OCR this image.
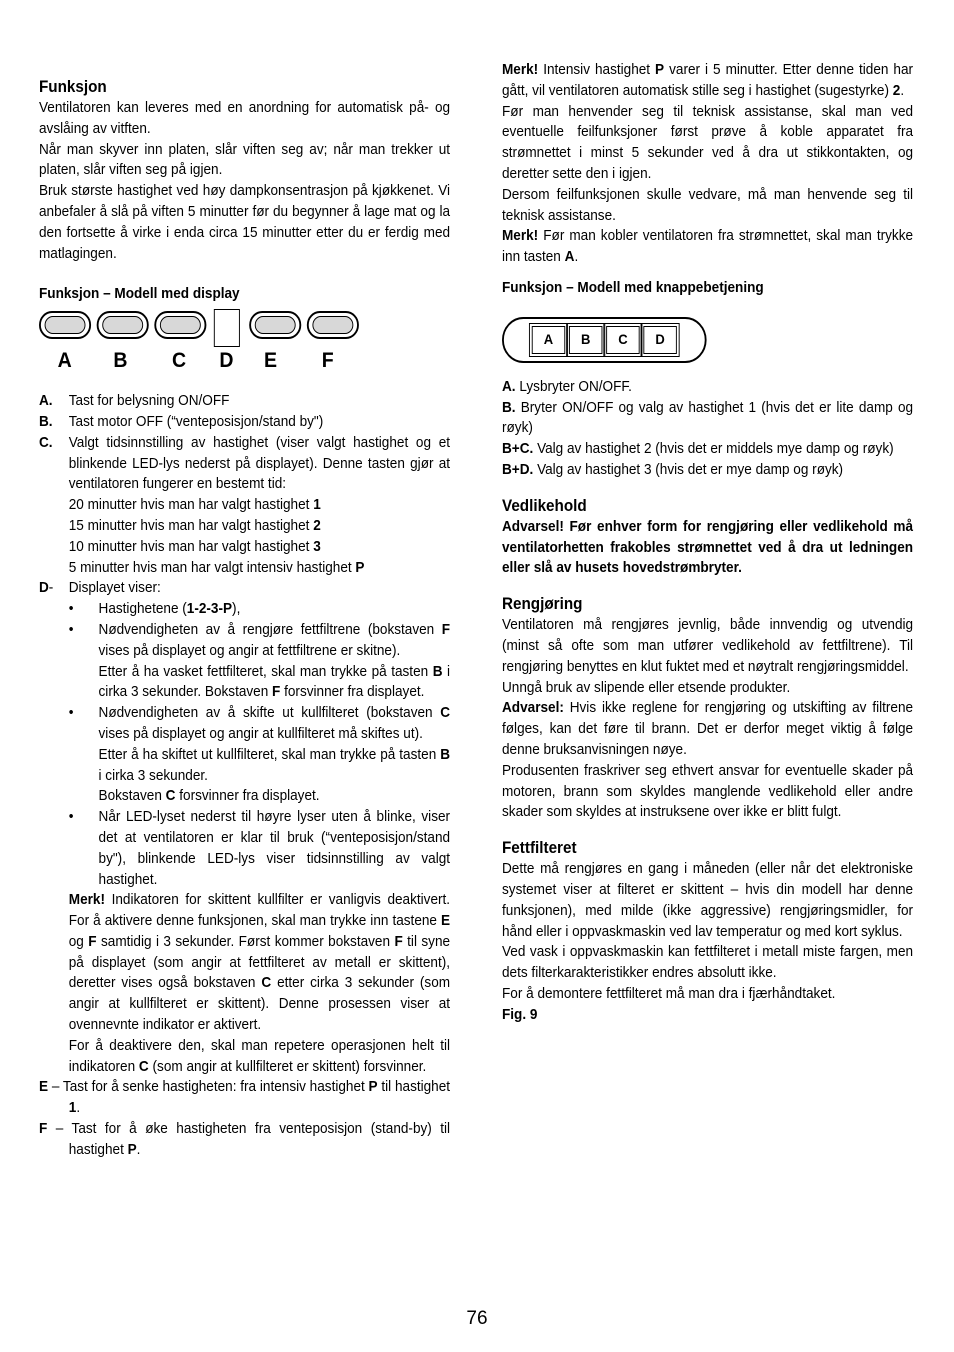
Funksjon

Ventilatoren kan leveres med en anordning for automatisk på- og avslåing av vitften.

Når man skyver inn platen, slår viften seg av; når man trekker ut platen, slår viften seg på igjen.

Bruk største hastighet ved høy dampkonsentrasjon på kjøkkenet. Vi anbefaler å slå på viften 5 minutter før du begynner å lage mat og la den fortsette å virke i enda circa 15 minutter etter du er ferdig med matlagingen.

Funksjon – Modell med display

A B C D E F
A.	Tast for belysning ON/OFF
B.	Tast motor OFF (“venteposisjon/stand by")
C.	Valgt tidsinnstilling av hastighet (viser valgt hastighet og et blinkende LED-lys nederst på displayet). Denne tasten gjør at ventilatoren fungerer en bestemt tid:

20 minutter hvis man har valgt hastighet 1

15 minutter hvis man har valgt hastighet 2

10 minutter hvis man har valgt hastighet 3

5 minutter hvis man har valgt intensiv hastighet P

D-	Displayet viser:
•	Hastighetene (1-2-3-P),
•	Nødvendigheten av å rengjøre fettfiltrene (bokstaven F vises på displayet og angir at fettfiltrene er skitne).

Etter å ha vasket fettfilteret, skal man trykke på tasten B i cirka 3 sekunder. Bokstaven F forsvinner fra displayet.

•	Nødvendigheten av å skifte ut kullfilteret (bokstaven C vises på displayet og angir at kullfilteret må skiftes ut).

Etter å ha skiftet ut kullfilteret, skal man trykke på tasten B i cirka 3 sekunder.

Bokstaven C forsvinner fra displayet.

•	Når LED-lyset nederst til høyre lyser uten å blinke, viser det at ventilatoren er klar til bruk (“venteposisjon/stand by"), blinkende LED-lys viser tidsinnstilling av valgt hastighet.

Merk! Indikatoren for skittent kullfilter er vanligvis deaktivert. For å aktivere denne funksjonen, skal man trykke inn tastene E og F samtidig i 3 sekunder. Først kommer bokstaven F til syne på displayet (som angir at fettfilteret av metall er skittent), deretter vises også bokstaven C etter cirka 3 sekunder (som angir at kullfilteret er skittent). Denne prosessen viser at ovennevnte indikator er aktivert.

For å deaktivere den, skal man repetere operasjonen helt til indikatoren C (som angir at kullfilteret er skittent) forsvinner.

E – Tast for å senke hastigheten: fra intensiv hastighet P til hastighet 1.

F – Tast for å øke hastigheten fra venteposisjon (stand-by) til hastighet P.

Merk! Intensiv hastighet P varer i 5 minutter. Etter denne tiden har gått, vil ventilatoren automatisk stille seg i hastighet (sugestyrke) 2.

Før man henvender seg til teknisk assistanse, skal man ved eventuelle feilfunksjoner først prøve å koble apparatet fra strømnettet i minst 5 sekunder ved å dra ut stikkontakten, og deretter sette den i igjen.

Dersom feilfunksjonen skulle vedvare, må man henvende seg til teknisk assistanse.

Merk! Før man kobler ventilatoren fra strømnettet, skal man trykke inn tasten A.

Funksjon – Modell med knappebetjening

A	B	C	D

A. Lysbryter ON/OFF.

B. Bryter ON/OFF og valg av hastighet 1 (hvis det er lite damp og røyk)

B+C. Valg av hastighet 2 (hvis det er middels mye damp og røyk)

B+D. Valg av hastighet 3 (hvis det er mye damp og røyk)

Vedlikehold

Advarsel! Før enhver form for rengjøring eller vedlikehold må ventilatorhetten frakobles strømnettet ved å dra ut ledningen eller slå av husets hovedstrømbryter.

Rengjøring

Ventilatoren må rengjøres jevnlig, både innvendig og utvendig (minst så ofte som man utfører vedlikehold av fettfiltrene). Til rengjøring benyttes en klut fuktet med et nøytralt rengjøringsmiddel.

Unngå bruk av slipende eller etsende produkter.

Advarsel: Hvis ikke reglene for rengjøring og utskifting av filtrene følges, kan det føre til brann. Det er derfor meget viktig å følge denne bruksanvisningen nøye.

Produsenten fraskriver seg ethvert ansvar for eventuelle skader på motoren, brann som skyldes manglende vedlikehold eller andre skader som skyldes at instruksene over ikke er blitt fulgt.

Fettfilteret

Dette må rengjøres en gang i måneden (eller når det elektroniske systemet viser at filteret er skittent – hvis din modell har denne funksjonen), med milde (ikke aggressive) rengjøringsmidler, for hånd eller i oppvaskmaskin ved lav temperatur og med kort syklus.

Ved vask i oppvaskmaskin kan fettfilteret i metall miste fargen, men dets filterkarakteristikker endres absolutt ikke.

For å demontere fettfilteret må man dra i fjærhåndtaket.

Fig. 9

76
